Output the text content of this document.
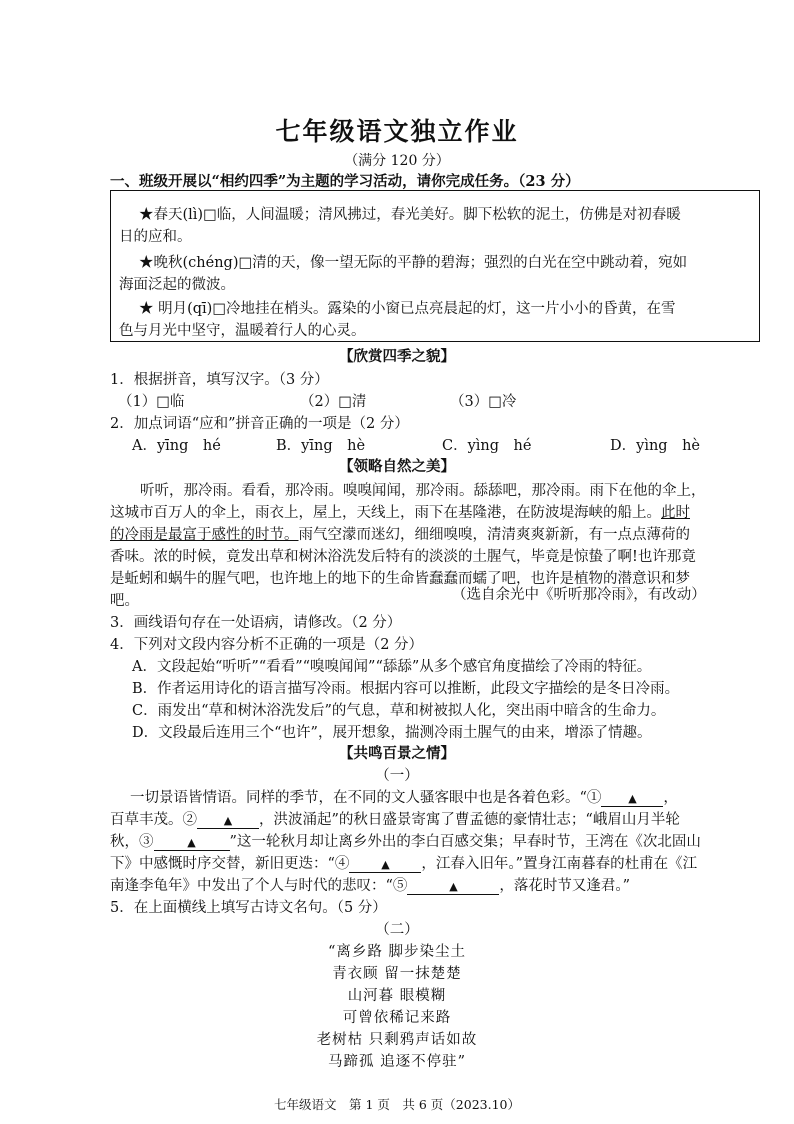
七年级语文独立作业
（满分 120 分）
一、班级开展以“相约四季”为主题的学习活动，请你完成任务。（23 分）
★春天(lì)□临，人间温暖；清风拂过，春光美好。脚下松软的泥土，仿佛是对初春暖
日的应和。
★晚秋(chéng)□清的天，像一望无际的平静的碧海；强烈的白光在空中跳动着，宛如
海面泛起的微波。
★ 明月(qī)□冷地挂在梢头。露染的小窗已点亮晨起的灯，这一片小小的昏黄，在雪
色与月光中坚守，温暖着行人的心灵。
【欣赏四季之貌】
1．根据拼音，填写汉字。（3 分）
（1）□临	（2）□清	（3）□冷
2．加点词语“应和”拼音正确的一项是（2 分）
A．yīng　hé	B．yīng　hè	C．yìng　hé	D．yìng　hè
【领略自然之美】
听听，那冷雨。看看，那冷雨。嗅嗅闻闻，那冷雨。舔舔吧，那冷雨。雨下在他的伞上，
这城市百万人的伞上，雨衣上，屋上，天线上，雨下在基隆港，在防波堤海峡的船上。此时
的冷雨是最富于感性的时节。雨气空濛而迷幻，细细嗅嗅，清清爽爽新新，有一点点薄荷的
香味。浓的时候，竟发出草和树沐浴洗发后特有的淡淡的土腥气，毕竟是惊蛰了啊!也许那竟
是蚯蚓和蜗牛的腥气吧，也许地上的地下的生命皆蠢蠢而蠕了吧，也许是植物的潜意识和梦
吧。	（选自余光中《听听那冷雨》，有改动）
3．画线语句存在一处语病，请修改。（2 分）
4．下列对文段内容分析不正确的一项是（2 分）
A．文段起始“听听”“看看”“嗅嗅闻闻”“舔舔”从多个感官角度描绘了冷雨的特征。
B．作者运用诗化的语言描写冷雨。根据内容可以推断，此段文字描绘的是冬日冷雨。
C．雨发出“草和树沐浴洗发后”的气息，草和树被拟人化，突出雨中暗含的生命力。
D．文段最后连用三个“也许”，展开想象，揣测冷雨土腥气的由来，增添了情趣。
【共鸣百景之情】
（一）
一切景语皆情语。同样的季节，在不同的文人骚客眼中也是各着色彩。“① ▲ ，
百草丰茂。② ▲ ，洪波涌起”的秋日盛景寄寓了曹孟德的豪情壮志；“峨眉山月半轮
秋，③	▲ ”这一轮秋月却让离乡外出的李白百感交集；早春时节，王湾在《次北固山
下》中感慨时序交替，新旧更迭：“④	▲ ，江春入旧年。”置身江南暮春的杜甫在《江
南逢李龟年》中发出了个人与时代的悲叹：“⑤	▲	，落花时节又逢君。”
5．在上面横线上填写古诗文名句。（5 分）
（二）
“离乡路 脚步染尘土
青衣顾 留一抹楚楚
山河暮 眼模糊
可曾依稀记来路
老树枯 只剩鸦声话如故
马蹄孤 追逐不停驻”
七年级语文　第 1 页　共 6 页（2023.10）
